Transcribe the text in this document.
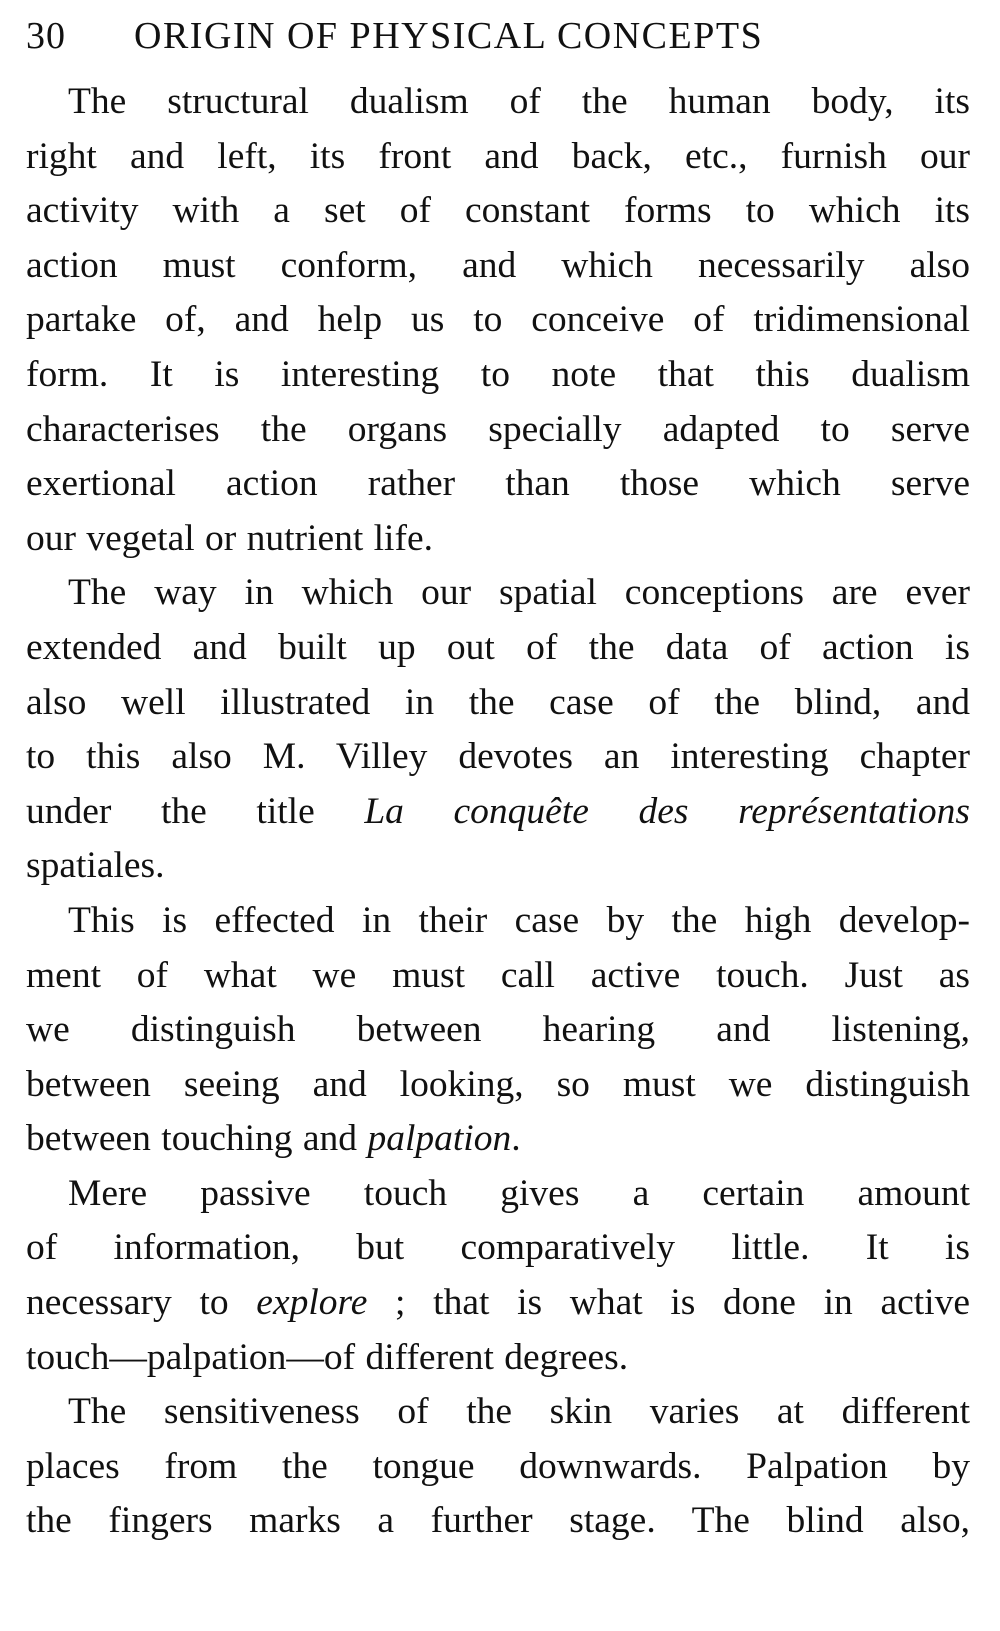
30 ORIGIN OF PHYSICAL CONCEPTS
The structural dualism of the human body, its
right and left, its front and back, etc., furnish our
activity with a set of constant forms to which its
action must conform, and which necessarily also
partake of, and help us to conceive of tridimensional
form. It is interesting to note that this dualism
characterises the organs specially adapted to serve
exertional action rather than those which serve
our vegetal or nutrient life.
The way in which our spatial conceptions are ever
extended and built up out of the data of action is
also well illustrated in the case of the blind, and
to this also M. Villey devotes an interesting chapter
under the title La conquête des représentations
spatiales.
This is effected in their case by the high develop-
ment of what we must call active touch. Just as
we distinguish between hearing and listening,
between seeing and looking, so must we distinguish
between touching and palpation.
Mere passive touch gives a certain amount
of information, but comparatively little. It is
necessary to explore ; that is what is done in active
touch—palpation—of different degrees.
The sensitiveness of the skin varies at different
places from the tongue downwards. Palpation by
the fingers marks a further stage. The blind also,
